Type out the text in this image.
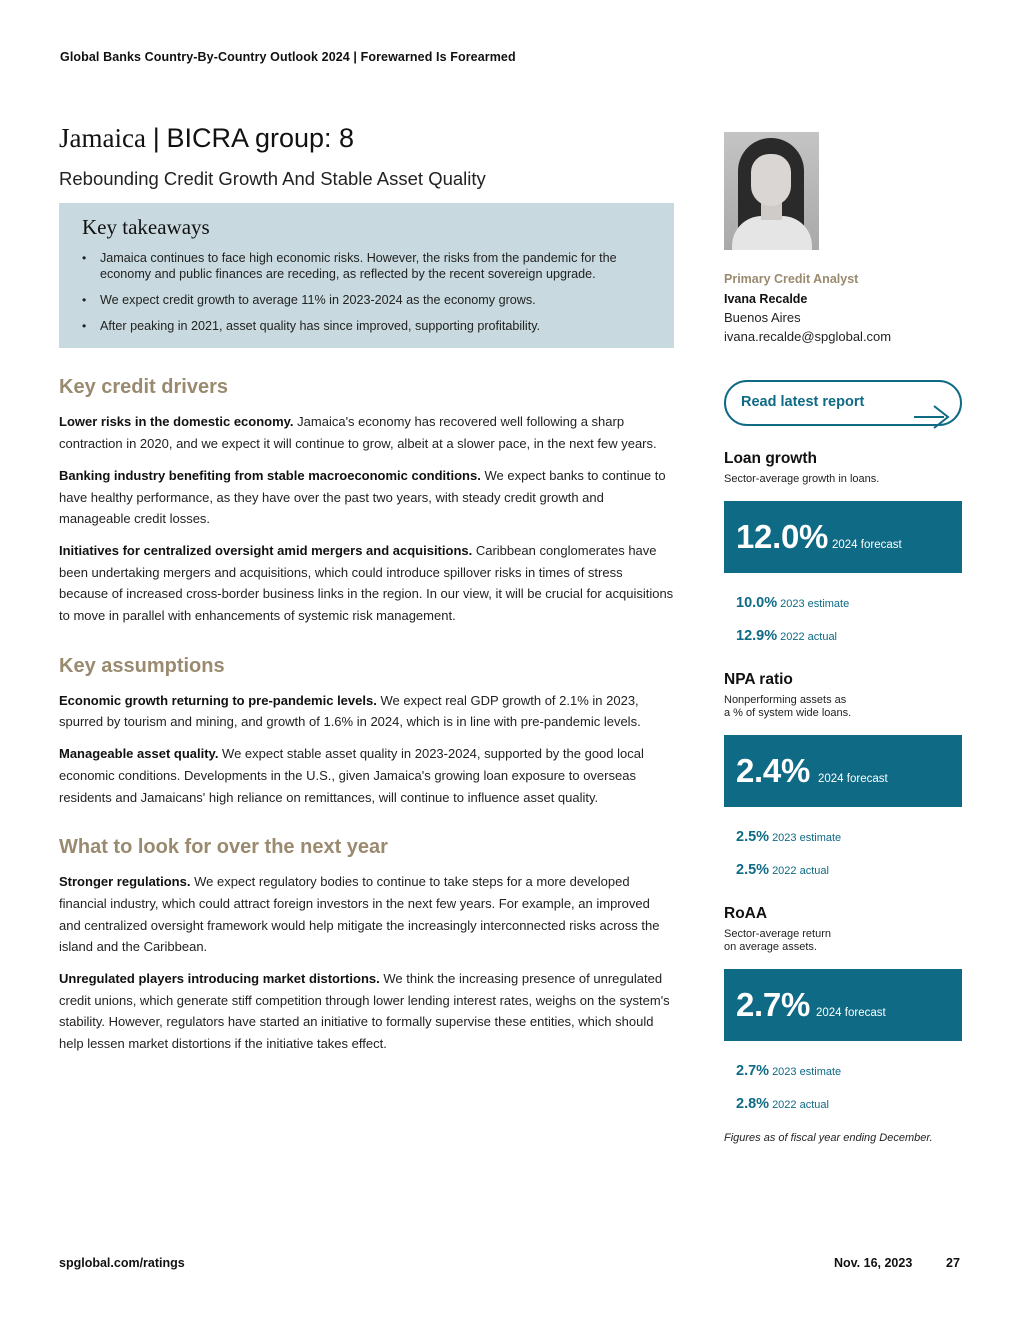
Global Banks Country-By-Country Outlook 2024 | Forewarned Is Forearmed
Jamaica | BICRA group: 8
Rebounding Credit Growth And Stable Asset Quality
Key takeaways
• Jamaica continues to face high economic risks. However, the risks from the pandemic for the economy and public finances are receding, as reflected by the recent sovereign upgrade.
• We expect credit growth to average 11% in 2023-2024 as the economy grows.
• After peaking in 2021, asset quality has since improved, supporting profitability.
Key credit drivers

Lower risks in the domestic economy. Jamaica's economy has recovered well following a sharp contraction in 2020, and we expect it will continue to grow, albeit at a slower pace, in the next few years.

Banking industry benefiting from stable macroeconomic conditions. We expect banks to continue to have healthy performance, as they have over the past two years, with steady credit growth and manageable credit losses.

Initiatives for centralized oversight amid mergers and acquisitions. Caribbean conglomerates have been undertaking mergers and acquisitions, which could introduce spillover risks in times of stress because of increased cross-border business links in the region. In our view, it will be crucial for acquisitions to move in parallel with enhancements of systemic risk management.

Key assumptions

Economic growth returning to pre-pandemic levels. We expect real GDP growth of 2.1% in 2023, spurred by tourism and mining, and growth of 1.6% in 2024, which is in line with pre-pandemic levels.

Manageable asset quality. We expect stable asset quality in 2023-2024, supported by the good local economic conditions. Developments in the U.S., given Jamaica's growing loan exposure to overseas residents and Jamaicans' high reliance on remittances, will continue to influence asset quality.

What to look for over the next year

Stronger regulations. We expect regulatory bodies to continue to take steps for a more developed financial industry, which could attract foreign investors in the next few years. For example, an improved and centralized oversight framework would help mitigate the increasingly interconnected risks across the island and the Caribbean.

Unregulated players introducing market distortions. We think the increasing presence of unregulated credit unions, which generate stiff competition through lower lending interest rates, weighs on the system's stability. However, regulators have started an initiative to formally supervise these entities, which should help lessen market distortions if the initiative takes effect.

Primary Credit Analyst
Ivana Recalde
Buenos Aires
ivana.recalde@spglobal.com
Read latest report
Loan growth
Sector-average growth in loans.
12.0% 2024 forecast
10.0% 2023 estimate
12.9% 2022 actual
NPA ratio
Nonperforming assets as
a % of system wide loans.
2.4% 2024 forecast
2.5% 2023 estimate
2.5% 2022 actual
RoAA
Sector-average return
on average assets.
2.7% 2024 forecast
2.7% 2023 estimate
2.8% 2022 actual
Figures as of fiscal year ending December.
spglobal.com/ratings	Nov. 16, 2023	27
